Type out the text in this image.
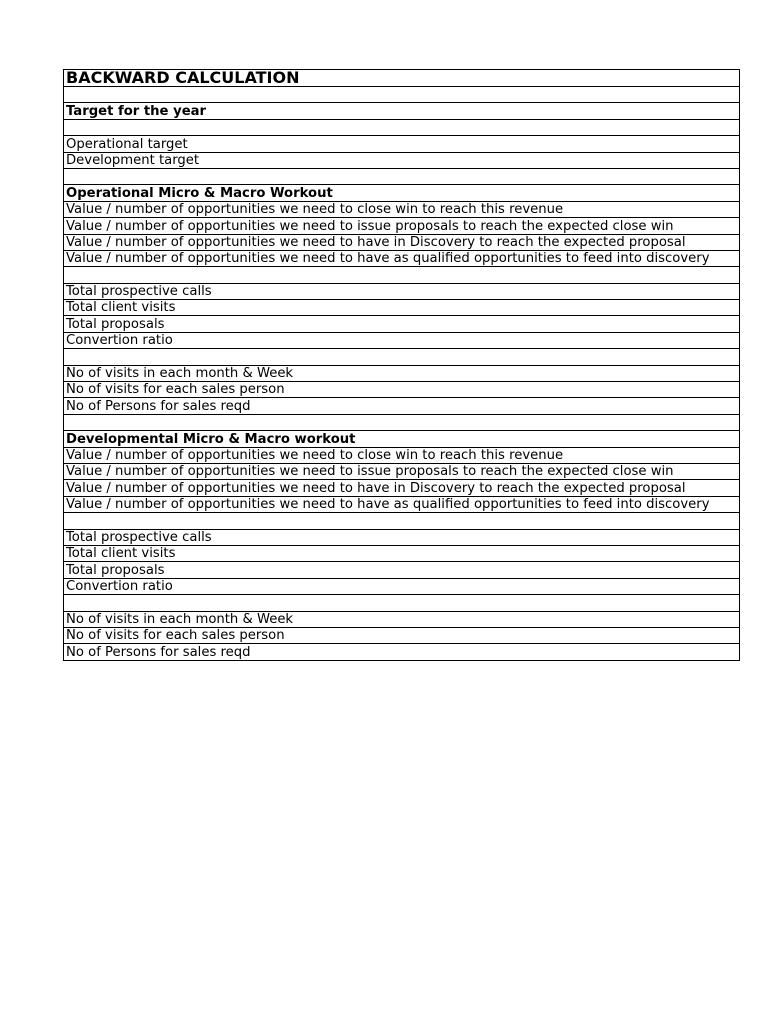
BACKWARD CALCULATION

Target for the year

Operational target
Development target

Operational Micro & Macro Workout
Value / number of opportunities we need to close win to reach this revenue
Value / number of opportunities we need to issue proposals to reach the expected close win
Value / number of opportunities we need to have in Discovery to reach the expected proposal
Value / number of opportunities we need to have as qualified opportunities to feed into discovery

Total prospective calls
Total client visits
Total proposals
Convertion ratio

No of visits in each month & Week
No of visits for each sales person
No of Persons for sales reqd

Developmental Micro & Macro workout
Value / number of opportunities we need to close win to reach this revenue
Value / number of opportunities we need to issue proposals to reach the expected close win
Value / number of opportunities we need to have in Discovery to reach the expected proposal
Value / number of opportunities we need to have as qualified opportunities to feed into discovery

Total prospective calls
Total client visits
Total proposals
Convertion ratio

No of visits in each month & Week
No of visits for each sales person
No of Persons for sales reqd
